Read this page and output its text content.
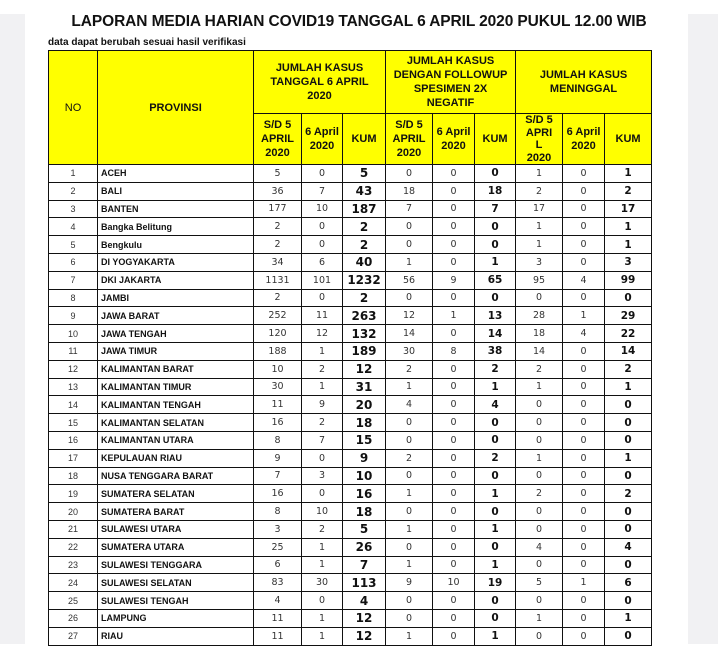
LAPORAN MEDIA HARIAN COVID19 TANGGAL 6 APRIL 2020 PUKUL 12.00 WIB
data dapat berubah sesuai hasil verifikasi
NO	PROVINSI	JUMLAH KASUS TANGGAL 6 APRIL 2020			JUMLAH KASUS DENGAN FOLLOWUP SPESIMEN 2X NEGATIF			JUMLAH KASUS MENINGGAL		
		S/D 5 APRIL 2020	6 April 2020	KUM	S/D 5 APRIL 2020	6 April 2020	KUM	S/D 5 APRI L 2020	6 April 2020	KUM
1	ACEH	5	0	5	0	0	0	1	0	1
2	BALI	36	7	43	18	0	18	2	0	2
3	BANTEN	177	10	187	7	0	7	17	0	17
4	Bangka Belitung	2	0	2	0	0	0	1	0	1
5	Bengkulu	2	0	2	0	0	0	1	0	1
6	DI YOGYAKARTA	34	6	40	1	0	1	3	0	3
7	DKI JAKARTA	1131	101	1232	56	9	65	95	4	99
8	JAMBI	2	0	2	0	0	0	0	0	0
9	JAWA BARAT	252	11	263	12	1	13	28	1	29
10	JAWA TENGAH	120	12	132	14	0	14	18	4	22
11	JAWA TIMUR	188	1	189	30	8	38	14	0	14
12	KALIMANTAN BARAT	10	2	12	2	0	2	2	0	2
13	KALIMANTAN TIMUR	30	1	31	1	0	1	1	0	1
14	KALIMANTAN TENGAH	11	9	20	4	0	4	0	0	0
15	KALIMANTAN SELATAN	16	2	18	0	0	0	0	0	0
16	KALIMANTAN UTARA	8	7	15	0	0	0	0	0	0
17	KEPULAUAN RIAU	9	0	9	2	0	2	1	0	1
18	NUSA TENGGARA BARAT	7	3	10	0	0	0	0	0	0
19	SUMATERA SELATAN	16	0	16	1	0	1	2	0	2
20	SUMATERA BARAT	8	10	18	0	0	0	0	0	0
21	SULAWESI UTARA	3	2	5	1	0	1	0	0	0
22	SUMATERA UTARA	25	1	26	0	0	0	4	0	4
23	SULAWESI TENGGARA	6	1	7	1	0	1	0	0	0
24	SULAWESI SELATAN	83	30	113	9	10	19	5	1	6
25	SULAWESI TENGAH	4	0	4	0	0	0	0	0	0
26	LAMPUNG	11	1	12	0	0	0	1	0	1
27	RIAU	11	1	12	1	0	1	0	0	0
